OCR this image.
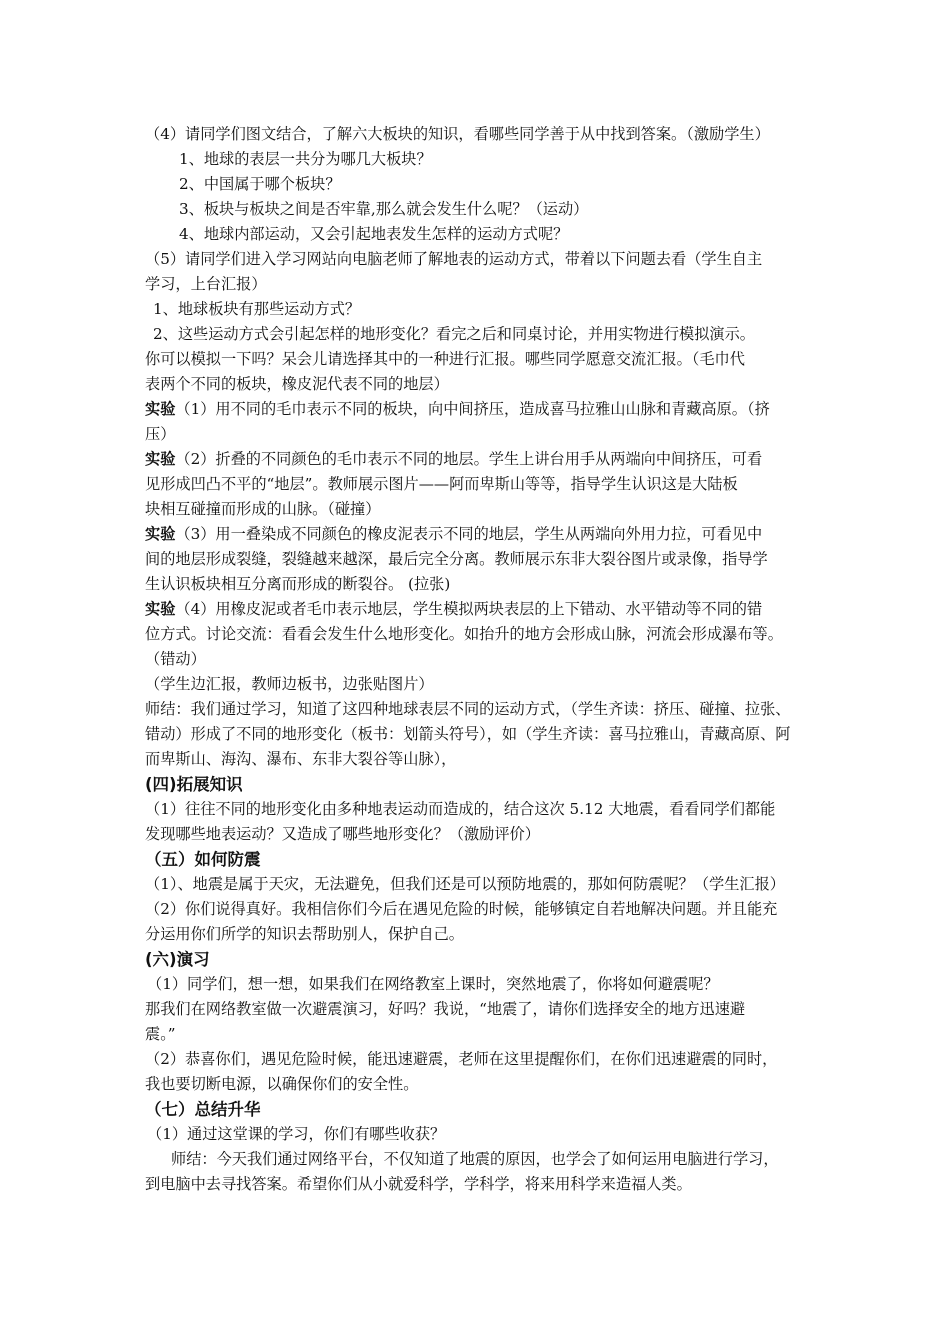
（4）请同学们图文结合，了解六大板块的知识，看哪些同学善于从中找到答案。（激励学生）
1、地球的表层一共分为哪几大板块？
2、中国属于哪个板块？
3、板块与板块之间是否牢靠,那么就会发生什么呢？（运动）
4、地球内部运动，又会引起地表发生怎样的运动方式呢？
（5）请同学们进入学习网站向电脑老师了解地表的运动方式，带着以下问题去看（学生自主
学习，上台汇报）
1、地球板块有那些运动方式？
2、这些运动方式会引起怎样的地形变化？看完之后和同桌讨论，并用实物进行模拟演示。
你可以模拟一下吗？呆会儿请选择其中的一种进行汇报。哪些同学愿意交流汇报。（毛巾代
表两个不同的板块，橡皮泥代表不同的地层）
实验（1）用不同的毛巾表示不同的板块，向中间挤压，造成喜马拉雅山山脉和青藏高原。（挤
压）
实验（2）折叠的不同颜色的毛巾表示不同的地层。学生上讲台用手从两端向中间挤压，可看
见形成凹凸不平的“地层”。教师展示图片——阿而卑斯山等等，指导学生认识这是大陆板
块相互碰撞而形成的山脉。（碰撞）
实验（3）用一叠染成不同颜色的橡皮泥表示不同的地层，学生从两端向外用力拉，可看见中
间的地层形成裂缝，裂缝越来越深，最后完全分离。教师展示东非大裂谷图片或录像，指导学
生认识板块相互分离而形成的断裂谷。 (拉张)
实验（4）用橡皮泥或者毛巾表示地层，学生模拟两块表层的上下错动、水平错动等不同的错
位方式。讨论交流：看看会发生什么地形变化。如抬升的地方会形成山脉，河流会形成瀑布等。
（错动）
（学生边汇报，教师边板书，边张贴图片）
师结：我们通过学习，知道了这四种地球表层不同的运动方式，（学生齐读：挤压、碰撞、拉张、
错动）形成了不同的地形变化（板书：划箭头符号），如（学生齐读：喜马拉雅山，青藏高原、阿
而卑斯山、海沟、瀑布、东非大裂谷等山脉），
(四)拓展知识
（1）往往不同的地形变化由多种地表运动而造成的，结合这次 5.12 大地震，看看同学们都能
发现哪些地表运动？又造成了哪些地形变化？（激励评价）
（五）如何防震
（1）、地震是属于天灾，无法避免，但我们还是可以预防地震的，那如何防震呢？（学生汇报）
（2）你们说得真好。我相信你们今后在遇见危险的时候，能够镇定自若地解决问题。并且能充
分运用你们所学的知识去帮助别人，保护自己。
(六)演习
（1）同学们，想一想，如果我们在网络教室上课时，突然地震了，你将如何避震呢？
那我们在网络教室做一次避震演习，好吗？我说，“地震了，请你们选择安全的地方迅速避
震。”
（2）恭喜你们，遇见危险时候，能迅速避震，老师在这里提醒你们，在你们迅速避震的同时，
我也要切断电源，以确保你们的安全性。
（七）总结升华
（1）通过这堂课的学习，你们有哪些收获？
师结：今天我们通过网络平台，不仅知道了地震的原因，也学会了如何运用电脑进行学习，
到电脑中去寻找答案。希望你们从小就爱科学，学科学，将来用科学来造福人类。
